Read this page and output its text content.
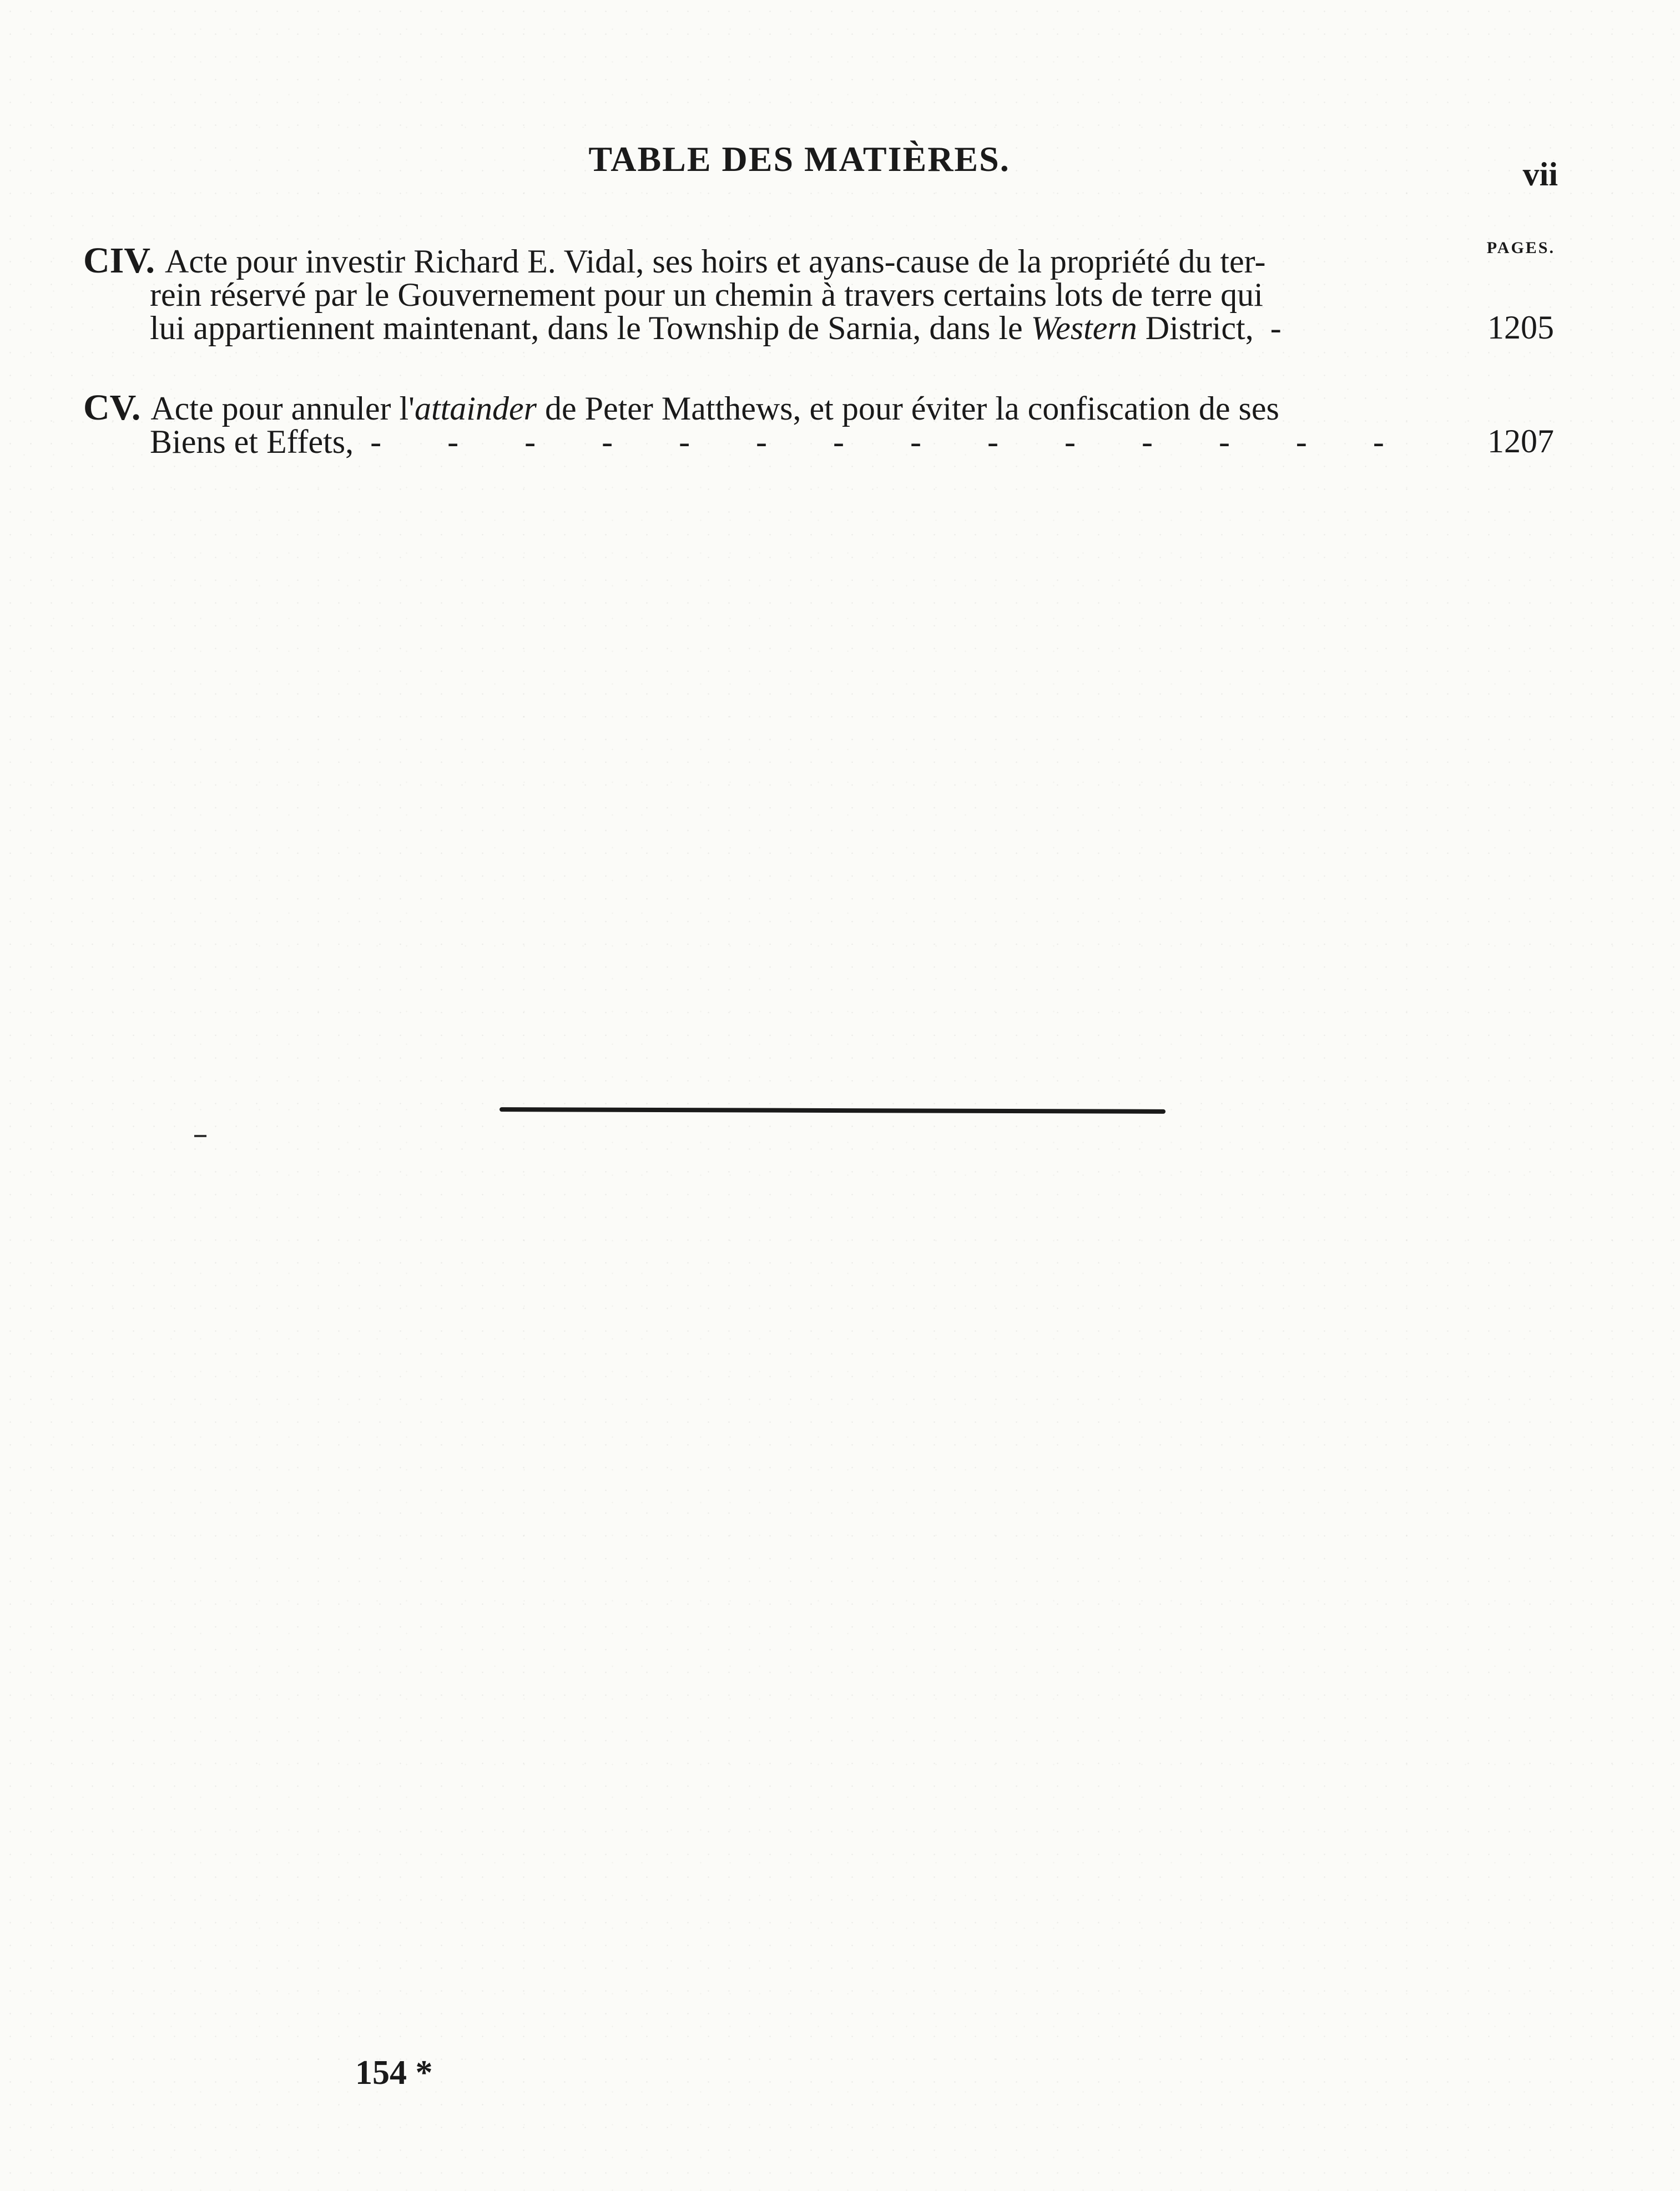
TABLE DES MATIÈRES.	vii
PAGES.
CIV. Acte pour investir Richard E. Vidal, ses hoirs et ayans-cause de la propriété du ter-
rein réservé par le Gouvernement pour un chemin à travers certains lots de terre qui
lui appartiennent maintenant, dans le Township de Sarnia, dans le Western District, -	1205
CV. Acte pour annuler l'attainder de Peter Matthews, et pour éviter la confiscation de ses
Biens et Effets, - - - - - - - - - - - - - -	1207
154 *
